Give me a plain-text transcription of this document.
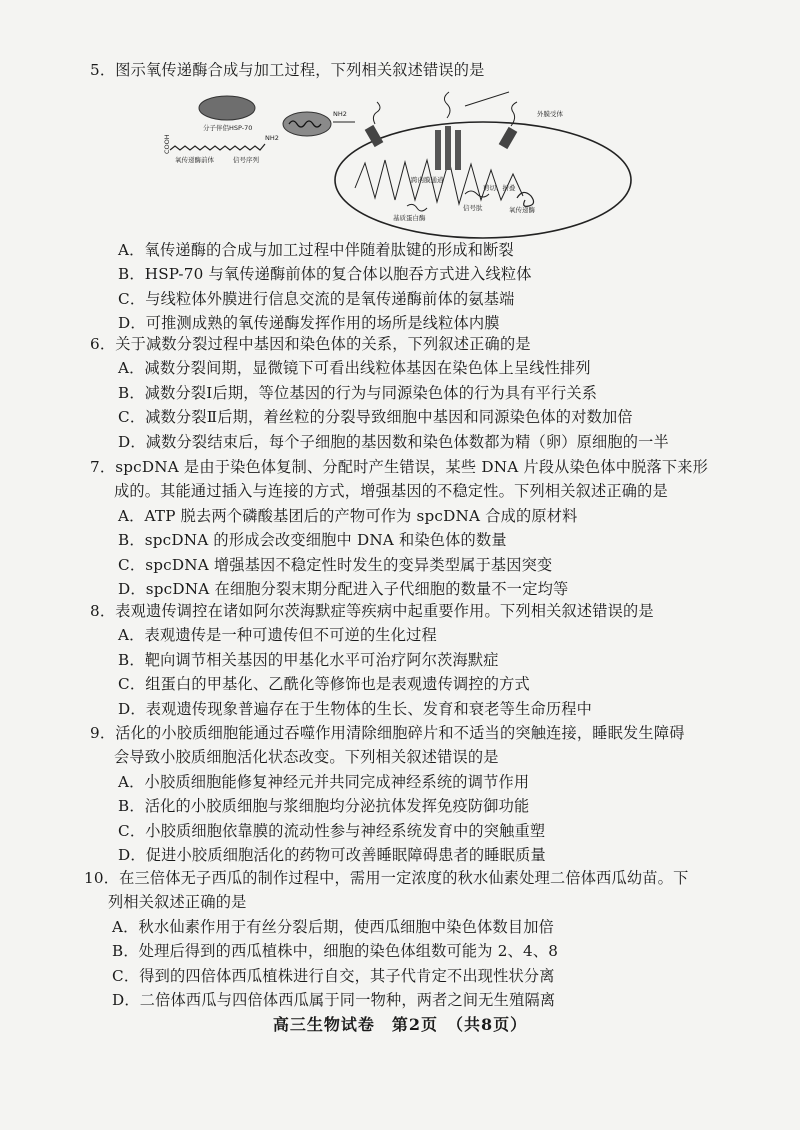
5．图示氧传递酶合成与加工过程，下列相关叙述错误的是
分子伴侣HSP-70
氧传递酶前体	信号序列
COOH	NH2
NH2	外膜受体
跨内膜通道
剪切、折叠
信号肽	氧传递酶
基质蛋白酶
A．氧传递酶的合成与加工过程中伴随着肽键的形成和断裂
B．HSP-70 与氧传递酶前体的复合体以胞吞方式进入线粒体
C．与线粒体外膜进行信息交流的是氧传递酶前体的氨基端
D．可推测成熟的氧传递酶发挥作用的场所是线粒体内膜
6．关于减数分裂过程中基因和染色体的关系，下列叙述正确的是
A．减数分裂间期，显微镜下可看出线粒体基因在染色体上呈线性排列
B．减数分裂Ⅰ后期，等位基因的行为与同源染色体的行为具有平行关系
C．减数分裂Ⅱ后期，着丝粒的分裂导致细胞中基因和同源染色体的对数加倍
D．减数分裂结束后，每个子细胞的基因数和染色体数都为精（卵）原细胞的一半
7．spcDNA 是由于染色体复制、分配时产生错误，某些 DNA 片段从染色体中脱落下来形
成的。其能通过插入与连接的方式，增强基因的不稳定性。下列相关叙述正确的是
A．ATP 脱去两个磷酸基团后的产物可作为 spcDNA 合成的原材料
B．spcDNA 的形成会改变细胞中 DNA 和染色体的数量
C．spcDNA 增强基因不稳定性时发生的变异类型属于基因突变
D．spcDNA 在细胞分裂末期分配进入子代细胞的数量不一定均等
8．表观遗传调控在诸如阿尔茨海默症等疾病中起重要作用。下列相关叙述错误的是
A．表观遗传是一种可遗传但不可逆的生化过程
B．靶向调节相关基因的甲基化水平可治疗阿尔茨海默症
C．组蛋白的甲基化、乙酰化等修饰也是表观遗传调控的方式
D．表观遗传现象普遍存在于生物体的生长、发育和衰老等生命历程中
9．活化的小胶质细胞能通过吞噬作用清除细胞碎片和不适当的突触连接，睡眠发生障碍
会导致小胶质细胞活化状态改变。下列相关叙述错误的是
A．小胶质细胞能修复神经元并共同完成神经系统的调节作用
B．活化的小胶质细胞与浆细胞均分泌抗体发挥免疫防御功能
C．小胶质细胞依靠膜的流动性参与神经系统发育中的突触重塑
D．促进小胶质细胞活化的药物可改善睡眠障碍患者的睡眠质量
10．在三倍体无子西瓜的制作过程中，需用一定浓度的秋水仙素处理二倍体西瓜幼苗。下
列相关叙述正确的是
A．秋水仙素作用于有丝分裂后期，使西瓜细胞中染色体数目加倍
B．处理后得到的西瓜植株中，细胞的染色体组数可能为 2、4、8
C．得到的四倍体西瓜植株进行自交，其子代肯定不出现性状分离
D．二倍体西瓜与四倍体西瓜属于同一物种，两者之间无生殖隔离
高三生物试卷　第2页　（共8页）
